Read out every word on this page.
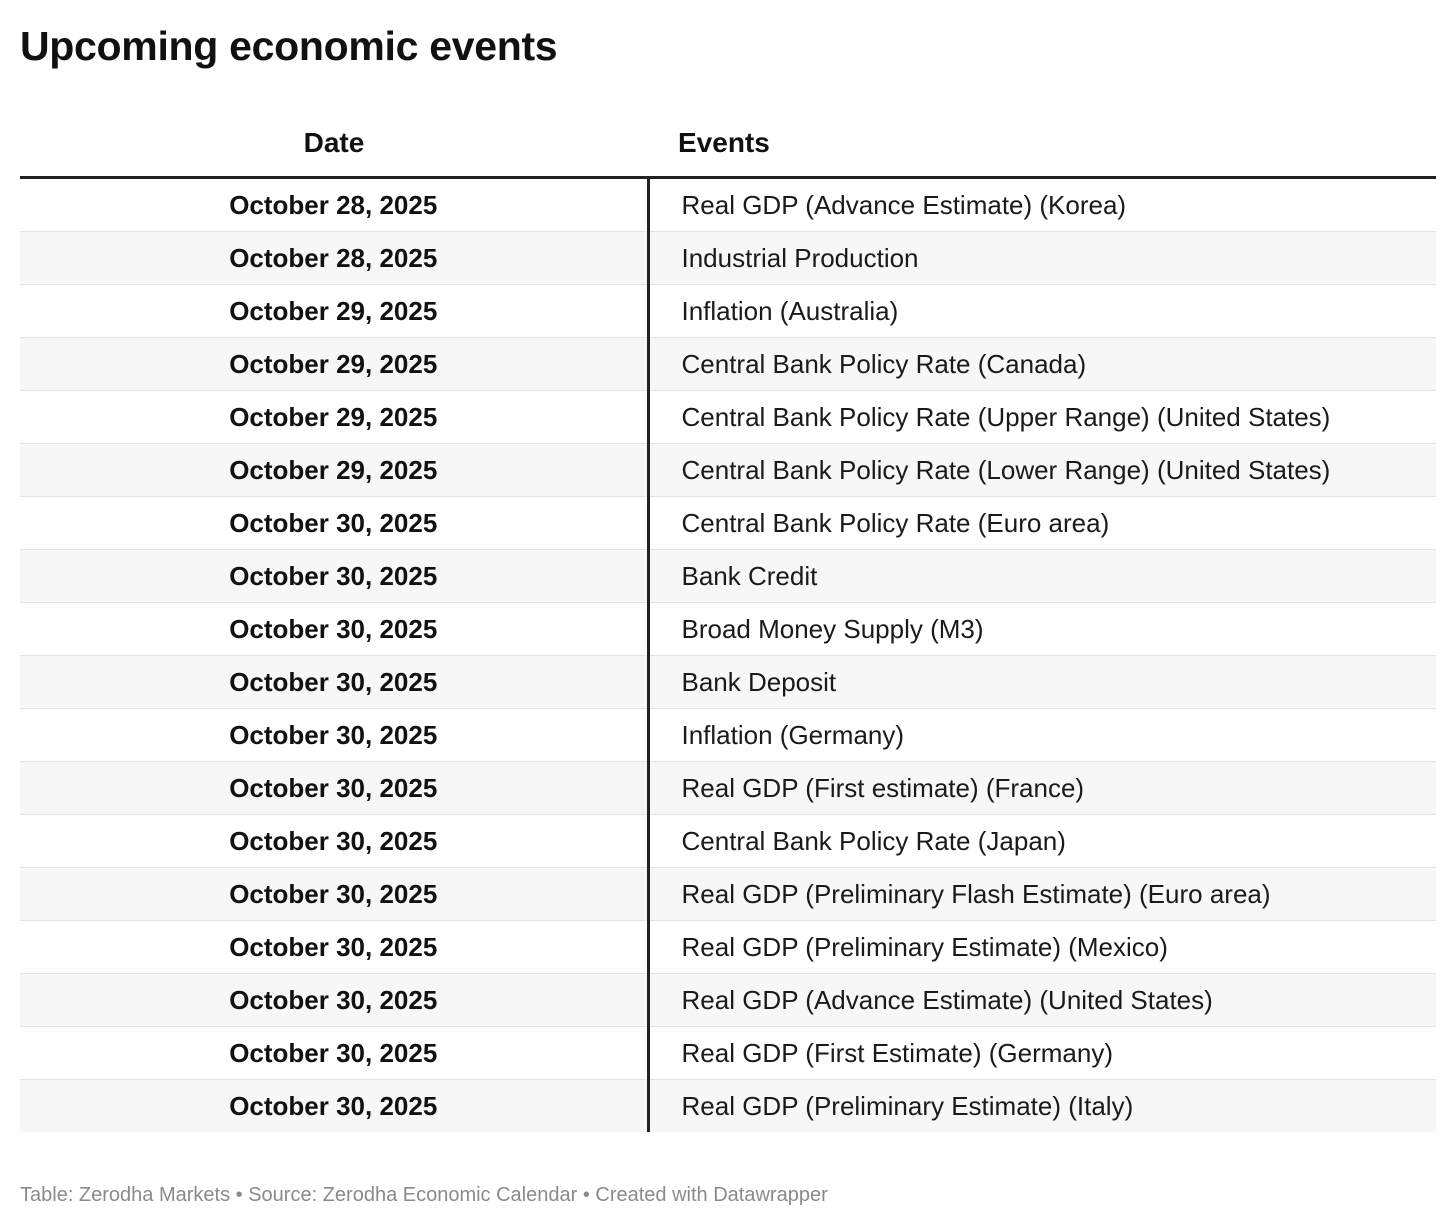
Upcoming economic events
Date	Events
October 28, 2025	Real GDP (Advance Estimate) (Korea)
October 28, 2025	Industrial Production
October 29, 2025	Inflation (Australia)
October 29, 2025	Central Bank Policy Rate (Canada)
October 29, 2025	Central Bank Policy Rate (Upper Range) (United States)
October 29, 2025	Central Bank Policy Rate (Lower Range) (United States)
October 30, 2025	Central Bank Policy Rate (Euro area)
October 30, 2025	Bank Credit
October 30, 2025	Broad Money Supply (M3)
October 30, 2025	Bank Deposit
October 30, 2025	Inflation (Germany)
October 30, 2025	Real GDP (First estimate) (France)
October 30, 2025	Central Bank Policy Rate (Japan)
October 30, 2025	Real GDP (Preliminary Flash Estimate) (Euro area)
October 30, 2025	Real GDP (Preliminary Estimate) (Mexico)
October 30, 2025	Real GDP (Advance Estimate) (United States)
October 30, 2025	Real GDP (First Estimate) (Germany)
October 30, 2025	Real GDP (Preliminary Estimate) (Italy)
Table: Zerodha Markets • Source: Zerodha Economic Calendar • Created with Datawrapper
